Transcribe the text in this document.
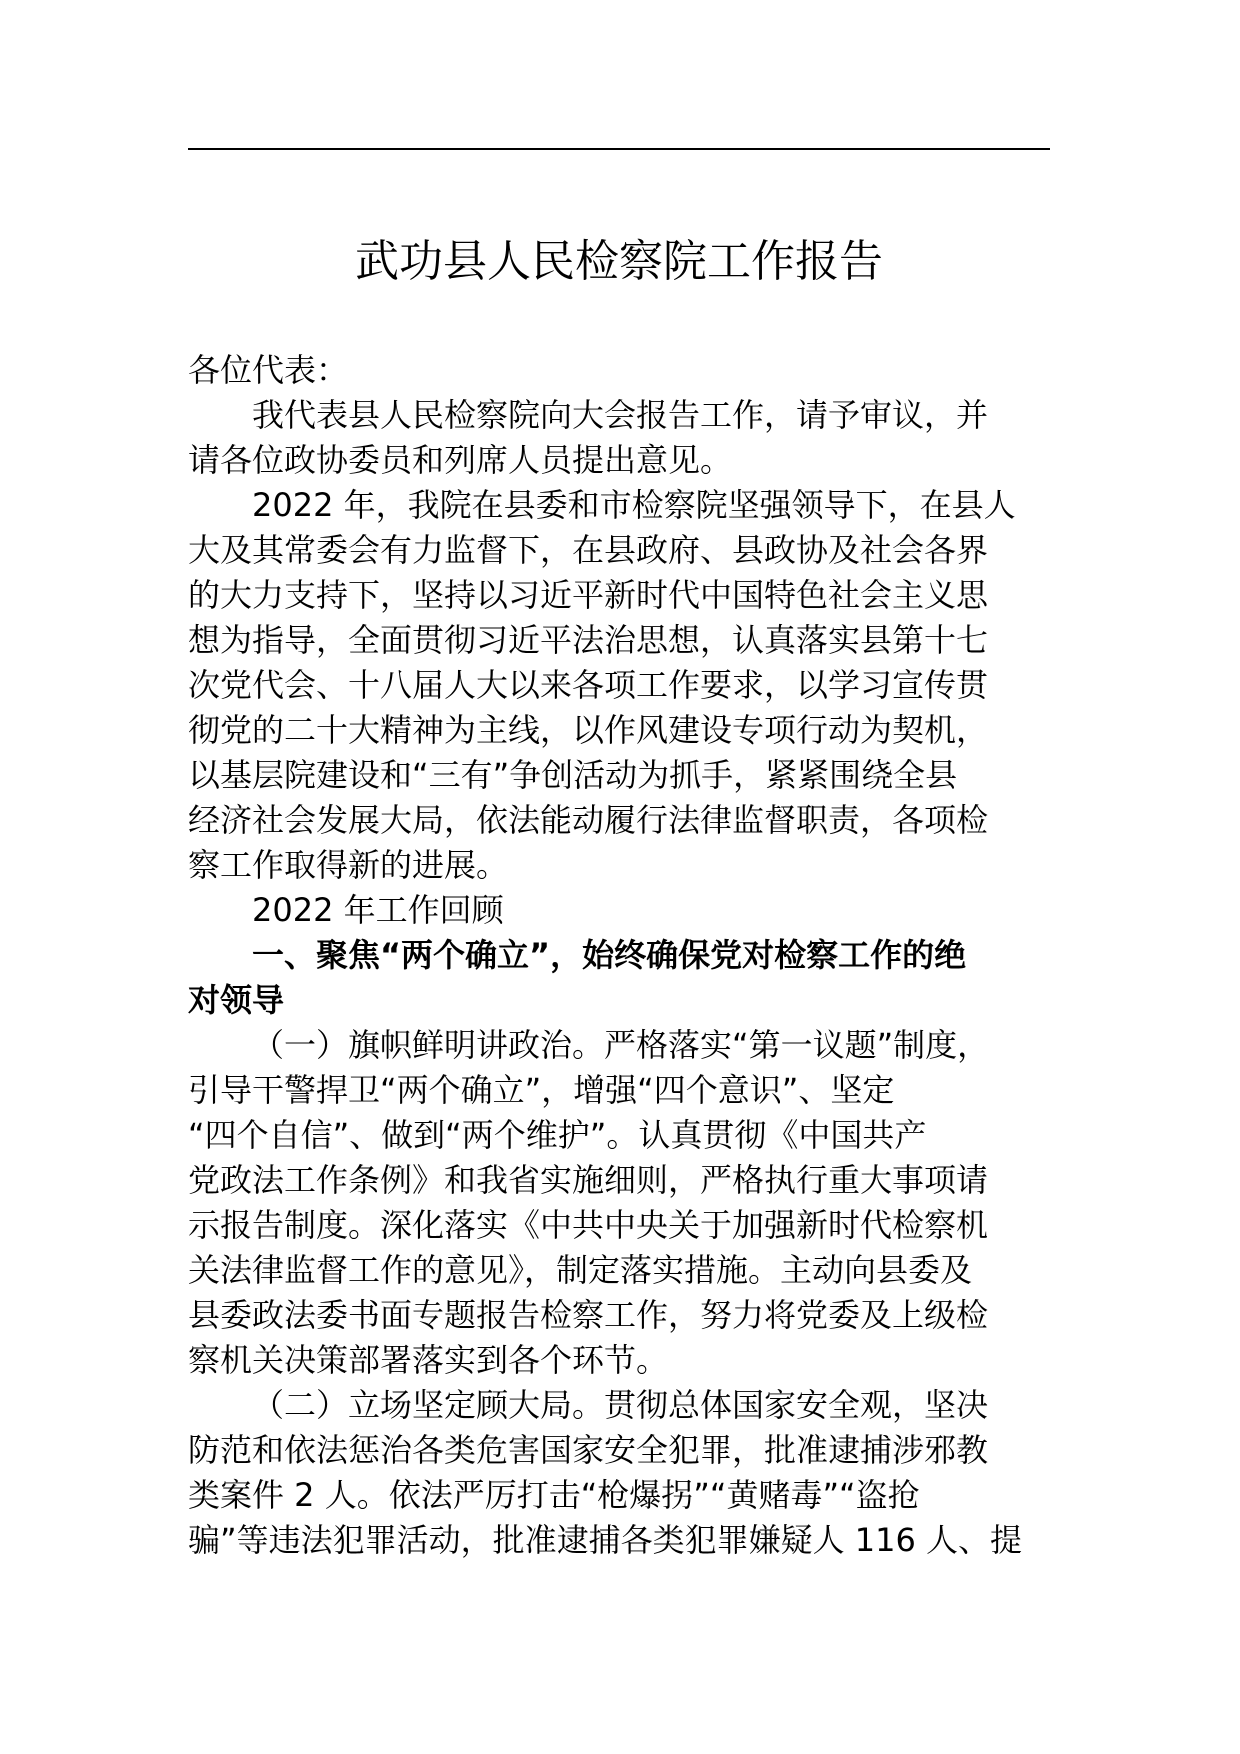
武功县人民检察院工作报告
各位代表：
我代表县人民检察院向大会报告工作，请予审议，并
请各位政协委员和列席人员提出意见。
2022 年，我院在县委和市检察院坚强领导下，在县人
大及其常委会有力监督下，在县政府、县政协及社会各界
的大力支持下，坚持以习近平新时代中国特色社会主义思
想为指导，全面贯彻习近平法治思想，认真落实县第十七
次党代会、十八届人大以来各项工作要求，以学习宣传贯
彻党的二十大精神为主线，以作风建设专项行动为契机，
以基层院建设和“三有”争创活动为抓手，紧紧围绕全县
经济社会发展大局，依法能动履行法律监督职责，各项检
察工作取得新的进展。
2022 年工作回顾
一、聚焦“两个确立”，始终确保党对检察工作的绝
对领导
（一）旗帜鲜明讲政治。严格落实“第一议题”制度，
引导干警捍卫“两个确立”，增强“四个意识”、坚定
“四个自信”、做到“两个维护”。认真贯彻《中国共产
党政法工作条例》和我省实施细则，严格执行重大事项请
示报告制度。深化落实《中共中央关于加强新时代检察机
关法律监督工作的意见》，制定落实措施。主动向县委及
县委政法委书面专题报告检察工作，努力将党委及上级检
察机关决策部署落实到各个环节。
（二）立场坚定顾大局。贯彻总体国家安全观，坚决
防范和依法惩治各类危害国家安全犯罪，批准逮捕涉邪教
类案件 2 人。依法严厉打击“枪爆拐”“黄赌毒”“盗抢
骗”等违法犯罪活动，批准逮捕各类犯罪嫌疑人 116 人、提
